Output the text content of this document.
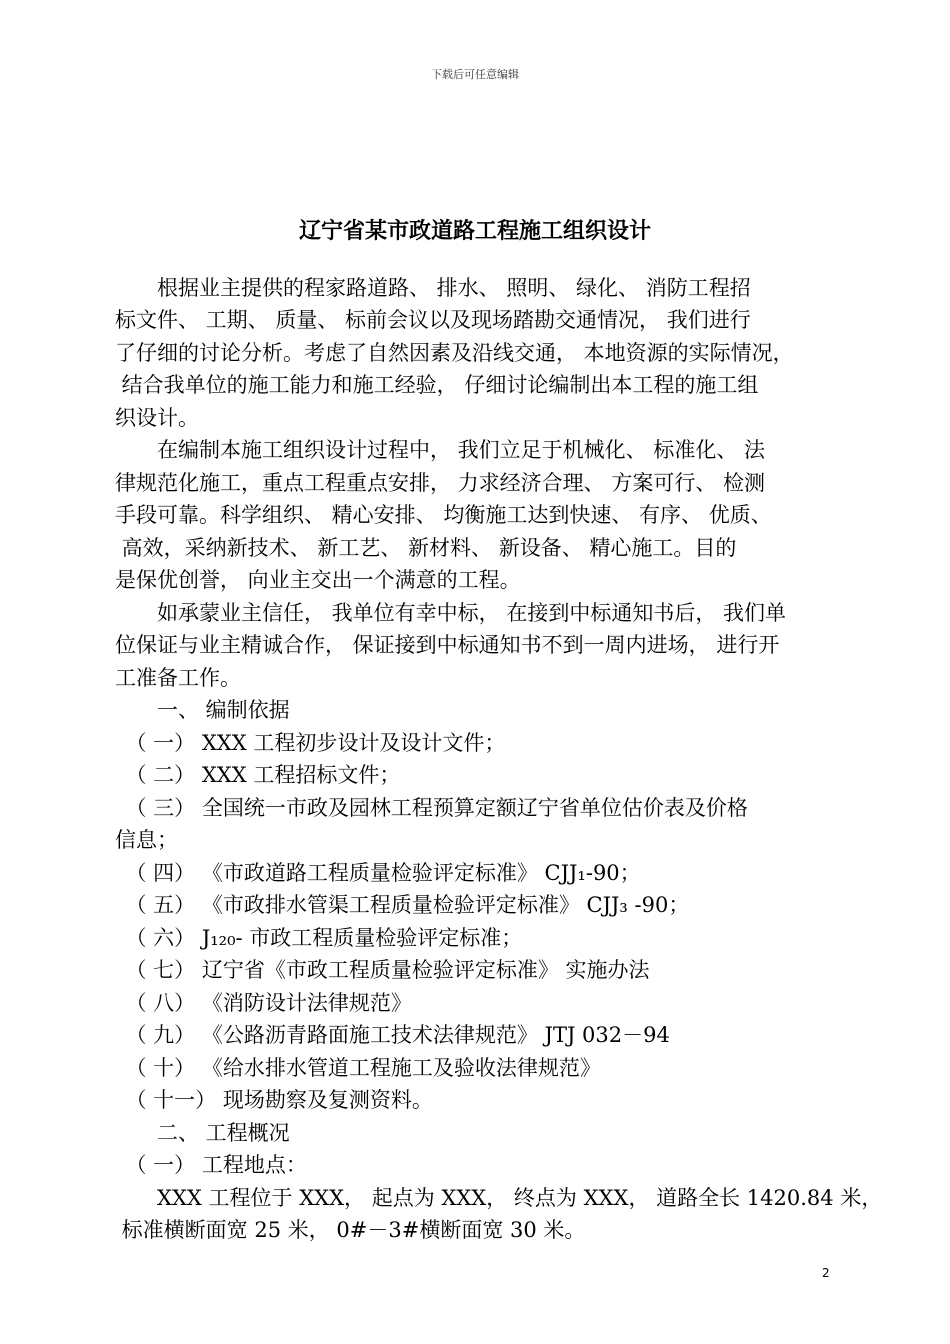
下载后可任意编辑
辽宁省某市政道路工程施工组织设计
　　根据业主提供的程家路道路、 排水、 照明、 绿化、 消防工程招
标文件、 工期、 质量、 标前会议以及现场踏勘交通情况， 我们进行
了仔细的讨论分析。考虑了自然因素及沿线交通， 本地资源的实际情况，
结合我单位的施工能力和施工经验， 仔细讨论编制出本工程的施工组
织设计。
　　在编制本施工组织设计过程中， 我们立足于机械化、 标准化、 法
律规范化施工，重点工程重点安排， 力求经济合理、 方案可行、 检测
手段可靠。科学组织、 精心安排、 均衡施工达到快速、 有序、 优质、
高效，采纳新技术、 新工艺、 新材料、 新设备、 精心施工。目的
是保优创誉， 向业主交出一个满意的工程。
　　如承蒙业主信任， 我单位有幸中标， 在接到中标通知书后， 我们单
位保证与业主精诚合作， 保证接到中标通知书不到一周内进场， 进行开
工准备工作。
　　一、 编制依据
　（ 一） XXX 工程初步设计及设计文件；
　（ 二） XXX 工程招标文件；
　（ 三） 全国统一市政及园林工程预算定额辽宁省单位估价表及价格
信息；
　（ 四） 《市政道路工程质量检验评定标准》 CJJ₁-90；
　（ 五） 《市政排水管渠工程质量检验评定标准》 CJJ₃ -90；
　（ 六） J₁₂₀- 市政工程质量检验评定标准；
　（ 七） 辽宁省《市政工程质量检验评定标准》 实施办法
　（ 八） 《消防设计法律规范》
　（ 九） 《公路沥青路面施工技术法律规范》 JTJ 032－94
　（ 十） 《给水排水管道工程施工及验收法律规范》
　（ 十一） 现场勘察及复测资料。
　　二、 工程概况
　（ 一） 工程地点：
　　XXX 工程位于 XXX， 起点为 XXX， 终点为 XXX， 道路全长 1420.84 米，
标准横断面宽 25 米， 0#－3#横断面宽 30 米。
2
